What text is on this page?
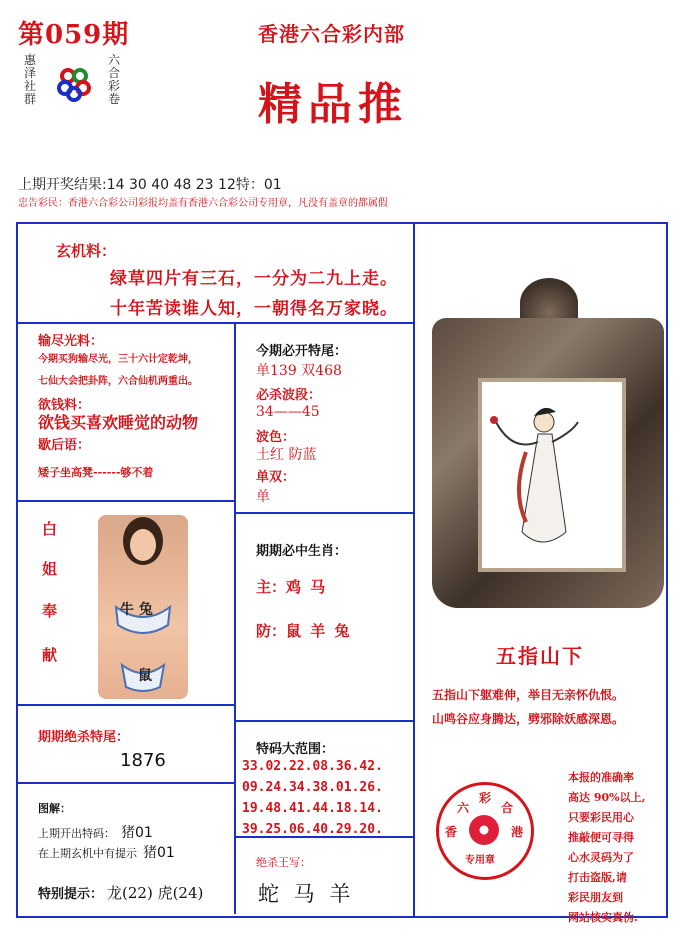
第059期
惠
泽
社
群
六
合
彩
卷
香港六合彩内部
精品推
上期开奖结果:14 30 40 48 23 12特：01
忠告彩民：香港六合彩公司彩报均盖有香港六合彩公司专用章，凡没有盖章的都属假
玄机料：
绿草四片有三石，一分为二九上走。
十年苦读谁人知，一朝得名万家晓。
输尽光料：
今期买狗输尽光，三十六计定乾坤，
七仙大会把卦阵，六合仙机两重出。
欲钱料：
欲钱买喜欢睡觉的动物
歇后语：
矮子坐高凳------够不着
今期必开特尾：
单139 双468
必杀波段：
34——45
波色：
土红 防蓝
单双：
单
白
姐
奉
献
牛 兔
鼠
期期必中生肖：
主：鸡 马
防：鼠 羊 兔
期期绝杀特尾：
1876
特码大范围：
33.02.22.08.36.42.
09.24.34.38.01.26.
19.48.41.44.18.14.
39.25.06.40.29.20.
图解：
上期开出特码： 猪01
在上期玄机中有提示 猪01
特别提示： 龙(22) 虎(24)
绝杀王写：
蛇 马 羊
五指山下
五指山下躯难伸，举目无亲怀仇恨。
山鸣谷应身腾达，劈邪除妖感深恩。
六
彩
合
香	港
专用章
本报的准确率
高达 90%以上,
只要彩民用心
推敲便可寻得
心水灵码为了
打击盗版,请
彩民朋友到
网站核实真伪.
